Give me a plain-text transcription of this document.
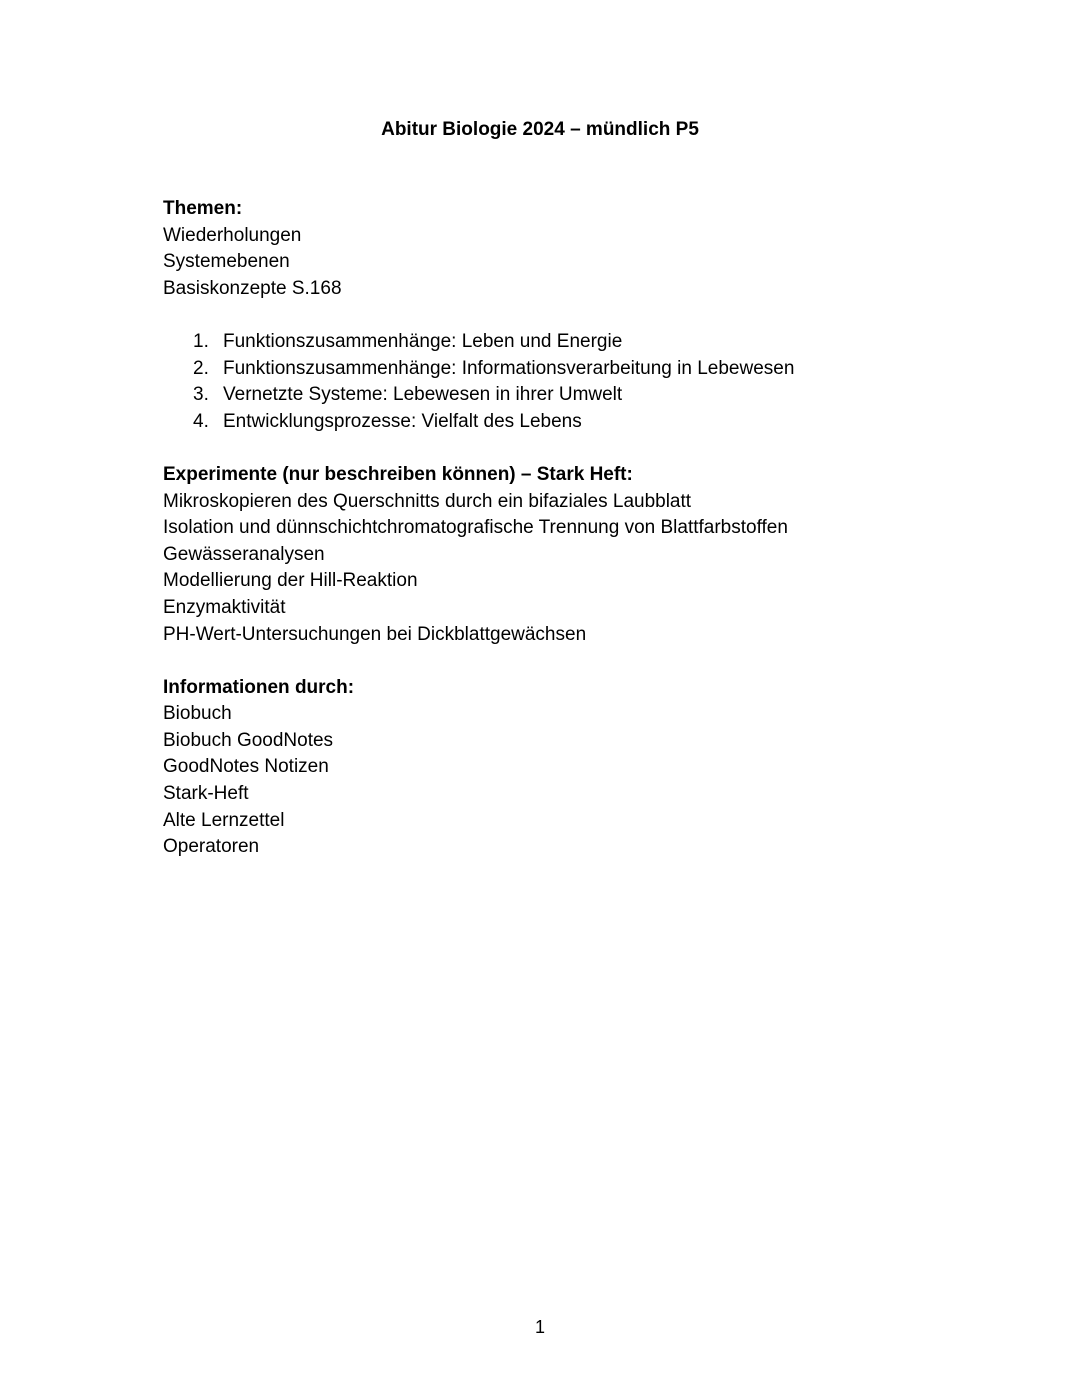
Abitur Biologie 2024 – mündlich P5

Themen:

Wiederholungen

Systemebenen

Basiskonzepte S.168

1. Funktionszusammenhänge: Leben und Energie
2. Funktionszusammenhänge: Informationsverarbeitung in Lebewesen
3. Vernetzte Systeme: Lebewesen in ihrer Umwelt
4. Entwicklungsprozesse: Vielfalt des Lebens

Experimente (nur beschreiben können) – Stark Heft:

Mikroskopieren des Querschnitts durch ein bifaziales Laubblatt

Isolation und dünnschichtchromatografische Trennung von Blattfarbstoffen

Gewässeranalysen

Modellierung der Hill-Reaktion

Enzymaktivität

PH-Wert-Untersuchungen bei Dickblattgewächsen

Informationen durch:

Biobuch

Biobuch GoodNotes

GoodNotes Notizen

Stark-Heft

Alte Lernzettel

Operatoren

1
